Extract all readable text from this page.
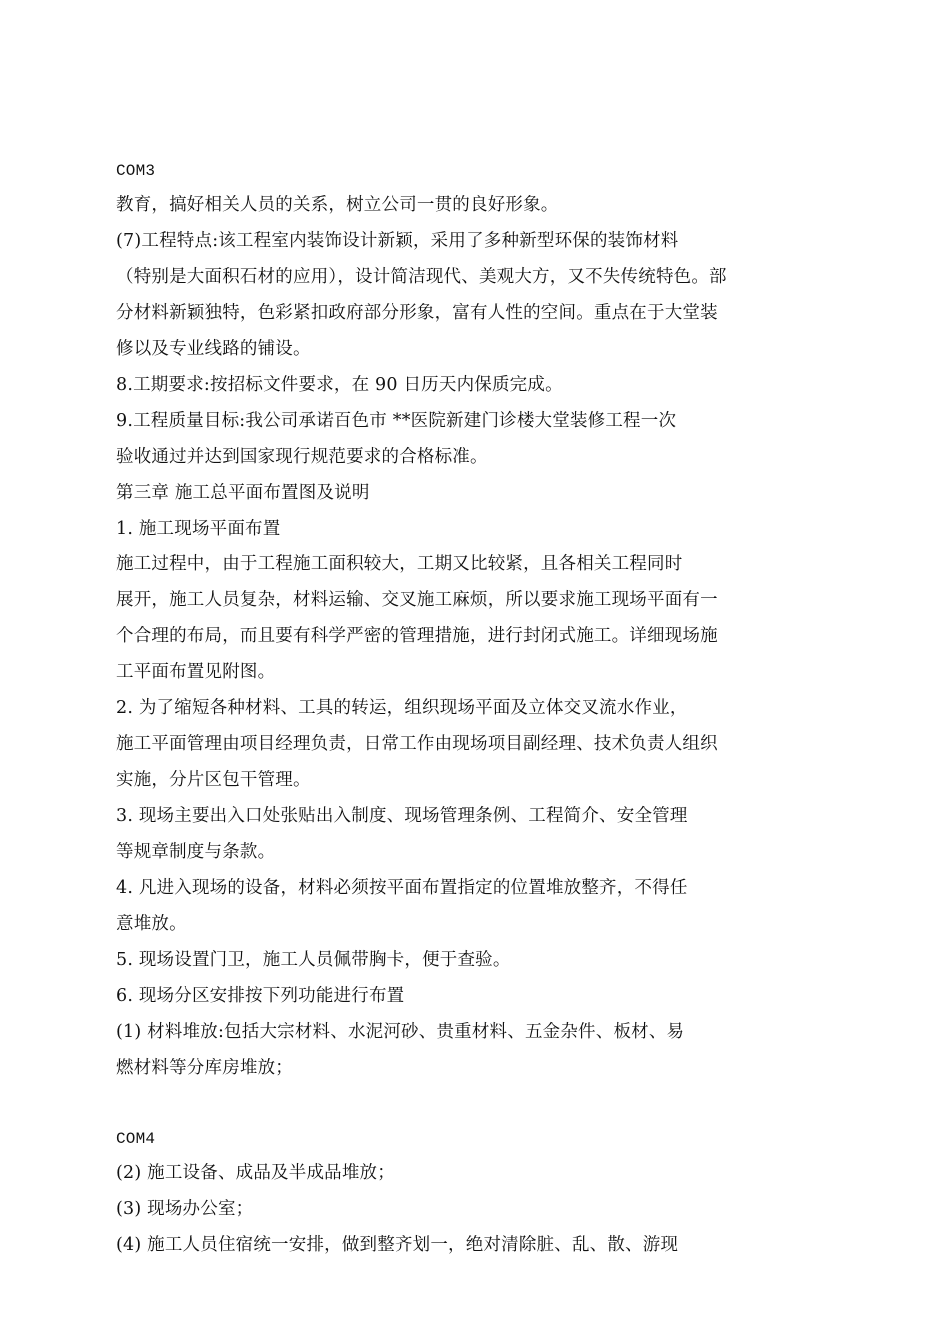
COM3
教育，搞好相关人员的关系，树立公司一贯的良好形象。
(7)工程特点:该工程室内装饰设计新颖，采用了多种新型环保的装饰材料
（特别是大面积石材的应用），设计简洁现代、美观大方，又不失传统特色。部
分材料新颖独特，色彩紧扣政府部分形象，富有人性的空间。重点在于大堂装
修以及专业线路的铺设。
8.工期要求:按招标文件要求，在 90 日历天内保质完成。
9.工程质量目标:我公司承诺百色市 **医院新建门诊楼大堂装修工程一次
验收通过并达到国家现行规范要求的合格标准。
第三章 施工总平面布置图及说明
1. 施工现场平面布置
施工过程中，由于工程施工面积较大，工期又比较紧，且各相关工程同时
展开，施工人员复杂，材料运输、交叉施工麻烦，所以要求施工现场平面有一
个合理的布局，而且要有科学严密的管理措施，进行封闭式施工。详细现场施
工平面布置见附图。
2. 为了缩短各种材料、工具的转运，组织现场平面及立体交叉流水作业，
施工平面管理由项目经理负责，日常工作由现场项目副经理、技术负责人组织
实施，分片区包干管理。
3. 现场主要出入口处张贴出入制度、现场管理条例、工程简介、安全管理
等规章制度与条款。
4. 凡进入现场的设备，材料必须按平面布置指定的位置堆放整齐，不得任
意堆放。
5. 现场设置门卫，施工人员佩带胸卡，便于查验。
6. 现场分区安排按下列功能进行布置
(1) 材料堆放:包括大宗材料、水泥河砂、贵重材料、五金杂件、板材、易
燃材料等分库房堆放；
COM4
(2) 施工设备、成品及半成品堆放；
(3) 现场办公室；
(4) 施工人员住宿统一安排，做到整齐划一，绝对清除脏、乱、散、游现
